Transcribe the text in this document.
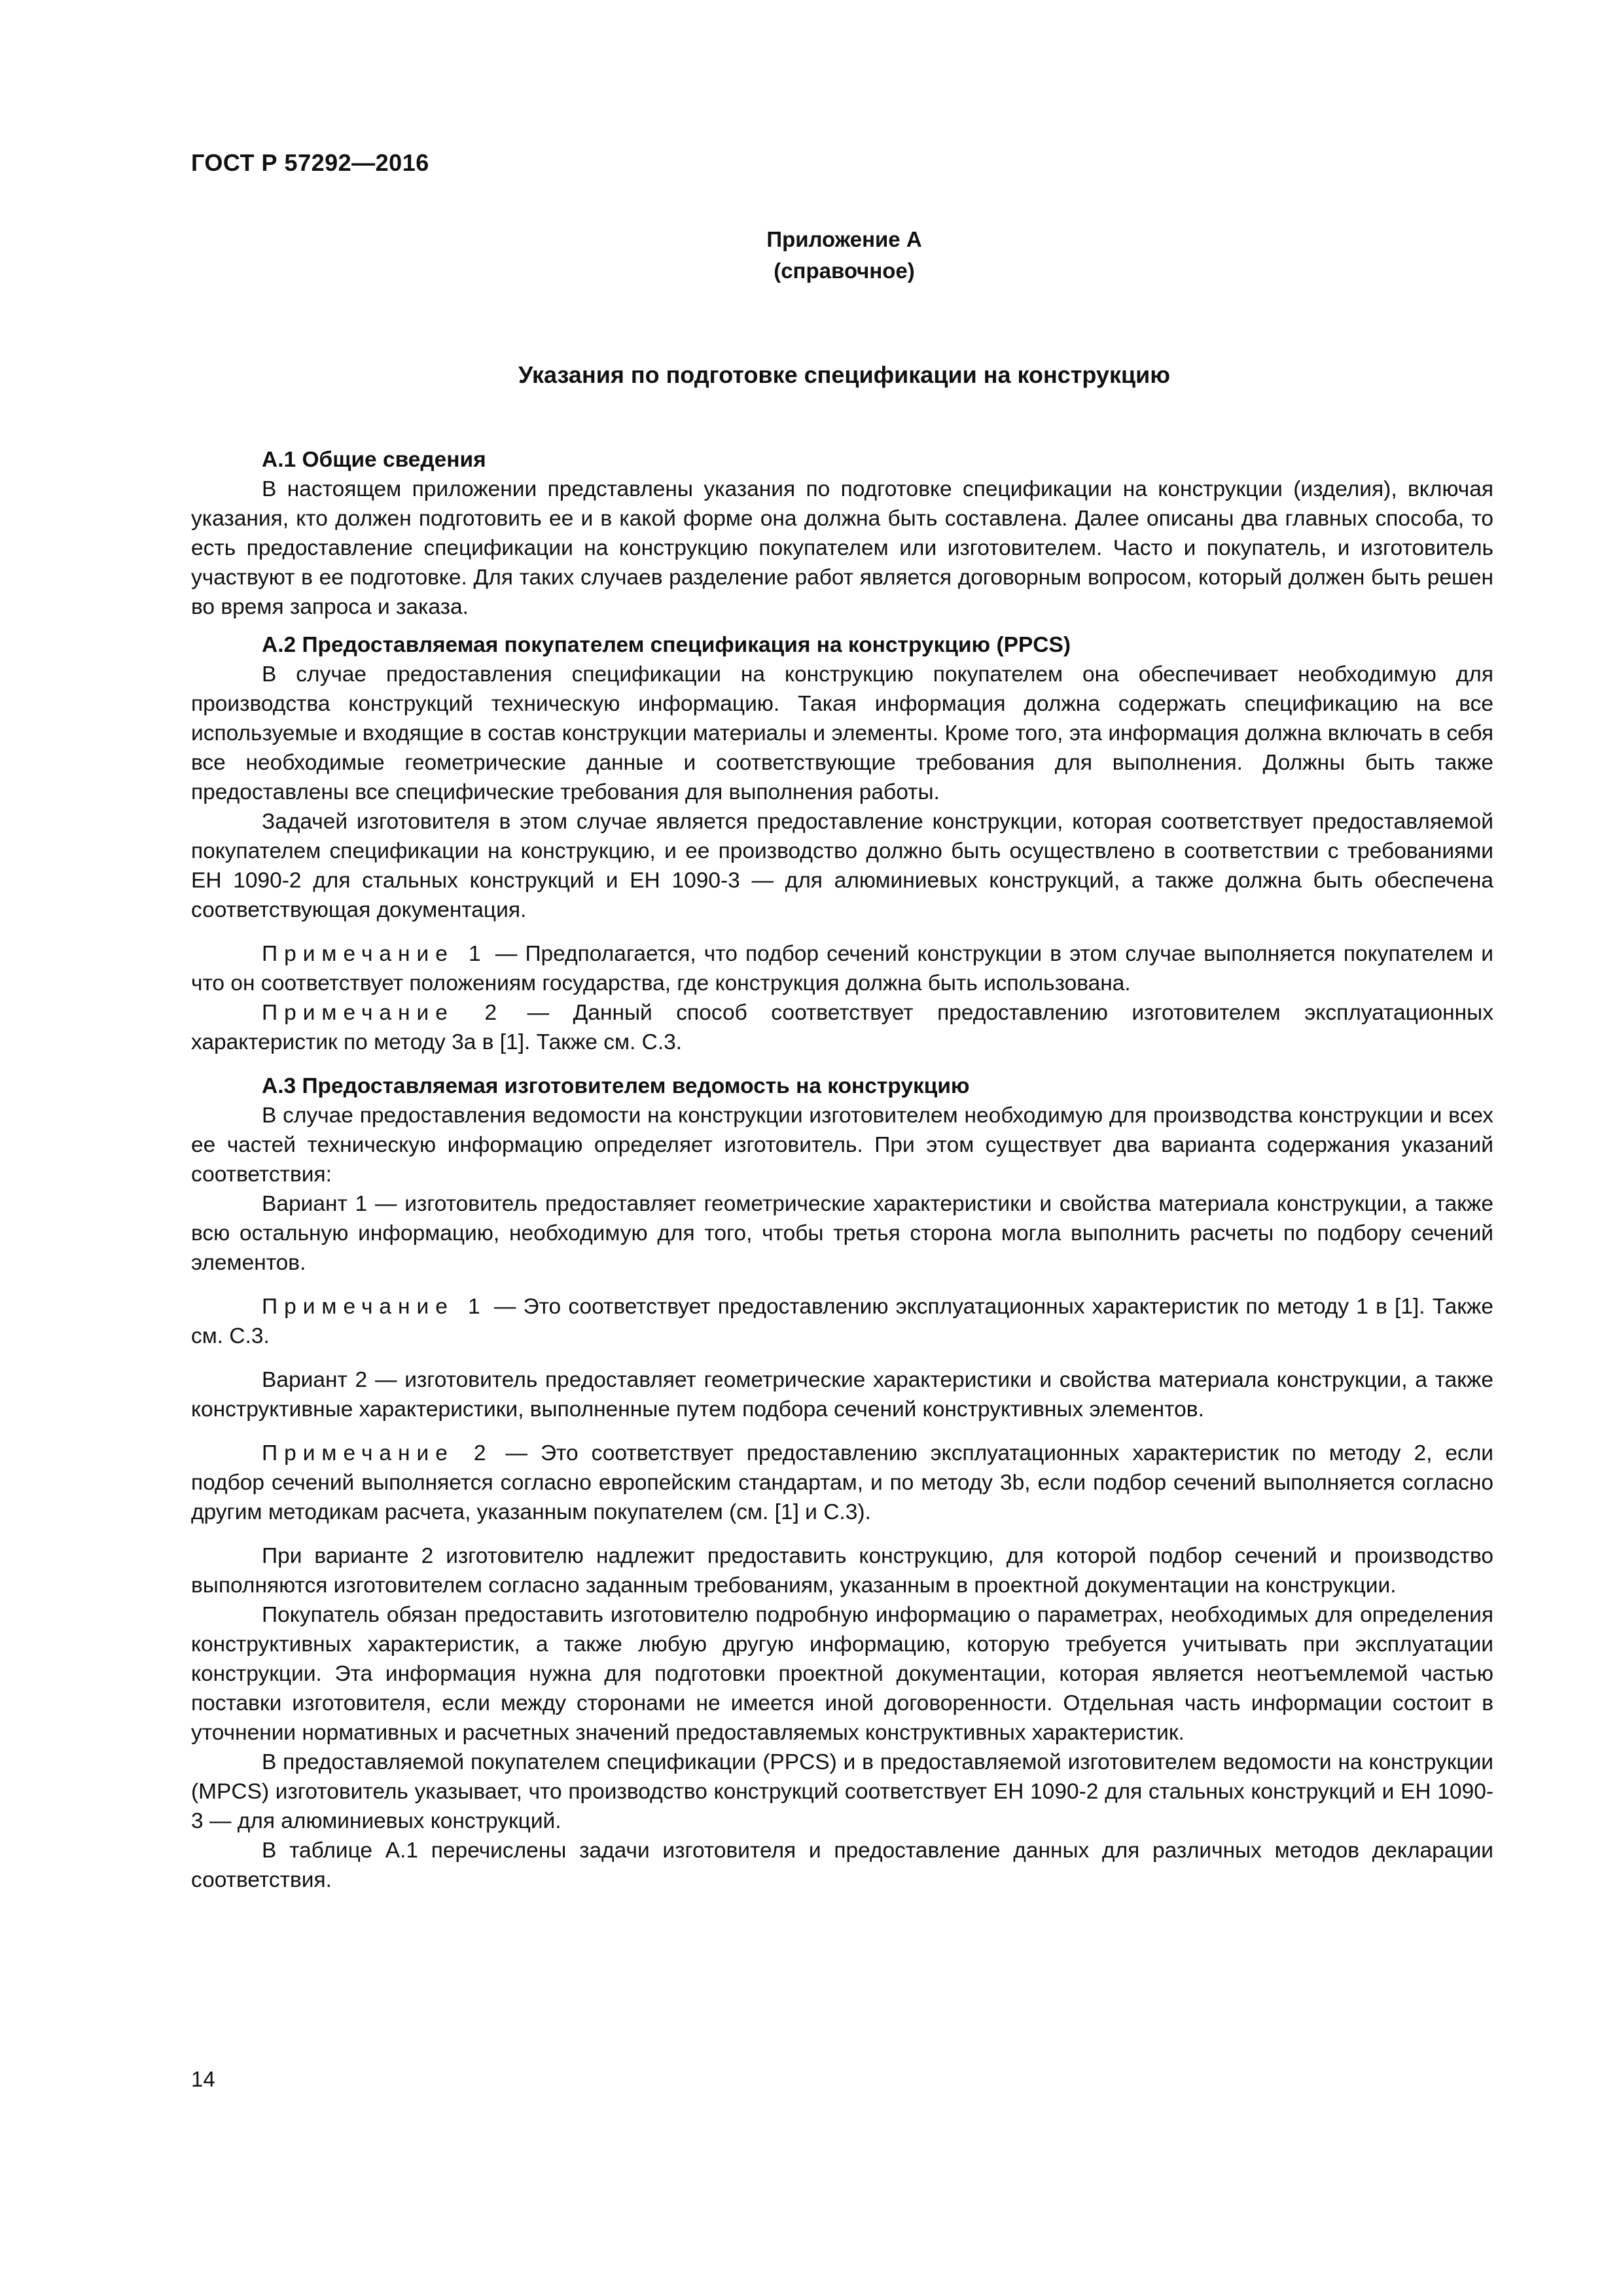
ГОСТ Р 57292—2016
Приложение А
(справочное)
Указания по подготовке спецификации на конструкцию
А.1 Общие сведения

В настоящем приложении представлены указания по подготовке спецификации на конструкции (изделия), включая указания, кто должен подготовить ее и в какой форме она должна быть составлена. Далее описаны два главных способа, то есть предоставление спецификации на конструкцию покупателем или изготовителем. Часто и покупатель, и изготовитель участвуют в ее подготовке. Для таких случаев разделение работ является договорным вопросом, который должен быть решен во время запроса и заказа.

А.2 Предоставляемая покупателем спецификация на конструкцию (PPCS)

В случае предоставления спецификации на конструкцию покупателем она обеспечивает необходимую для производства конструкций техническую информацию. Такая информация должна содержать спецификацию на все используемые и входящие в состав конструкции материалы и элементы. Кроме того, эта информация должна включать в себя все необходимые геометрические данные и соответствующие требования для выполнения. Должны быть также предоставлены все специфические требования для выполнения работы.

Задачей изготовителя в этом случае является предоставление конструкции, которая соответствует предоставляемой покупателем спецификации на конструкцию, и ее производство должно быть осуществлено в соответствии с требованиями ЕН 1090-2 для стальных конструкций и ЕН 1090-3 — для алюминиевых конструкций, а также должна быть обеспечена соответствующая документация.

Примечание 1 — Предполагается, что подбор сечений конструкции в этом случае выполняется покупателем и что он соответствует положениям государства, где конструкция должна быть использована.

Примечание 2 — Данный способ соответствует предоставлению изготовителем эксплуатационных характеристик по методу 3а в [1]. Также см. С.3.

А.3 Предоставляемая изготовителем ведомость на конструкцию

В случае предоставления ведомости на конструкции изготовителем необходимую для производства конструкции и всех ее частей техническую информацию определяет изготовитель. При этом существует два варианта содержания указаний соответствия:

Вариант 1 — изготовитель предоставляет геометрические характеристики и свойства материала конструкции, а также всю остальную информацию, необходимую для того, чтобы третья сторона могла выполнить расчеты по подбору сечений элементов.

Примечание 1 — Это соответствует предоставлению эксплуатационных характеристик по методу 1 в [1]. Также см. С.3.

Вариант 2 — изготовитель предоставляет геометрические характеристики и свойства материала конструкции, а также конструктивные характеристики, выполненные путем подбора сечений конструктивных элементов.

Примечание 2 — Это соответствует предоставлению эксплуатационных характеристик по методу 2, если подбор сечений выполняется согласно европейским стандартам, и по методу 3b, если подбор сечений выполняется согласно другим методикам расчета, указанным покупателем (см. [1] и С.3).

При варианте 2 изготовителю надлежит предоставить конструкцию, для которой подбор сечений и производство выполняются изготовителем согласно заданным требованиям, указанным в проектной документации на конструкции.

Покупатель обязан предоставить изготовителю подробную информацию о параметрах, необходимых для определения конструктивных характеристик, а также любую другую информацию, которую требуется учитывать при эксплуатации конструкции. Эта информация нужна для подготовки проектной документации, которая является неотъемлемой частью поставки изготовителя, если между сторонами не имеется иной договоренности. Отдельная часть информации состоит в уточнении нормативных и расчетных значений предоставляемых конструктивных характеристик.

В предоставляемой покупателем спецификации (PPCS) и в предоставляемой изготовителем ведомости на конструкции (MPCS) изготовитель указывает, что производство конструкций соответствует ЕН 1090-2 для стальных конструкций и ЕН 1090-3 — для алюминиевых конструкций.

В таблице А.1 перечислены задачи изготовителя и предоставление данных для различных методов декларации соответствия.

14
